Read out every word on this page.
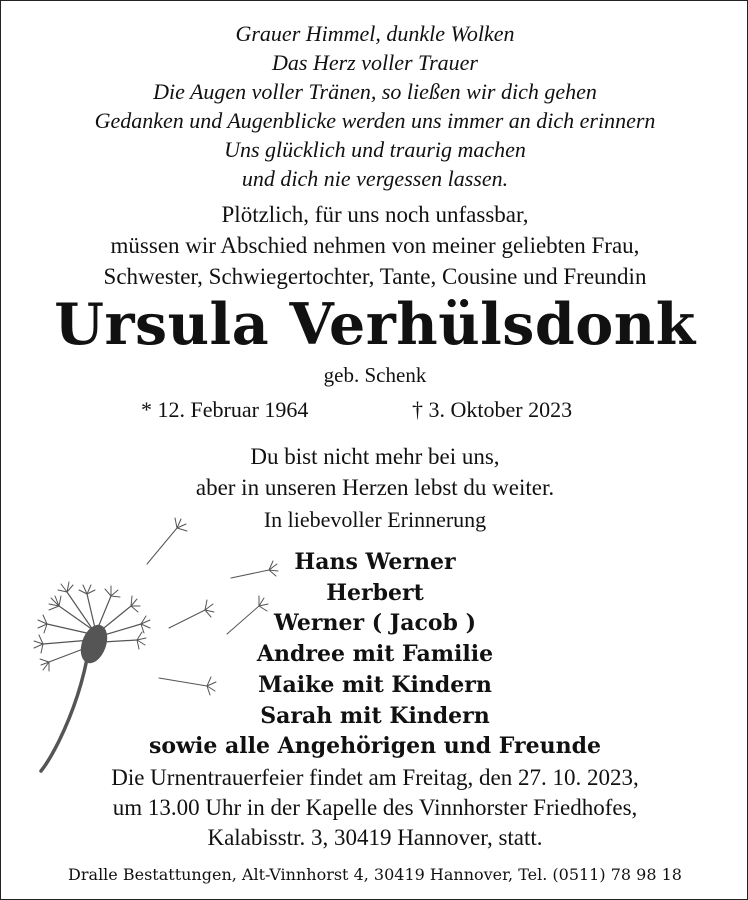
Grauer Himmel, dunkle Wolken
Das Herz voller Trauer
Die Augen voller Tränen, so ließen wir dich gehen
Gedanken und Augenblicke werden uns immer an dich erinnern
Uns glücklich und traurig machen
und dich nie vergessen lassen.
Plötzlich, für uns noch unfassbar,
müssen wir Abschied nehmen von meiner geliebten Frau,
Schwester, Schwiegertochter, Tante, Cousine und Freundin
Ursula Verhülsdonk
geb. Schenk
* 12. Februar 1964	† 3. Oktober 2023
Du bist nicht mehr bei uns,
aber in unseren Herzen lebst du weiter.
In liebevoller Erinnerung
Hans Werner
Herbert
Werner ( Jacob )
Andree mit Familie
Maike mit Kindern
Sarah mit Kindern
sowie alle Angehörigen und Freunde
Die Urnentrauerfeier findet am Freitag, den 27. 10. 2023,
um 13.00 Uhr in der Kapelle des Vinnhorster Friedhofes,
Kalabisstr. 3, 30419 Hannover, statt.
Dralle Bestattungen, Alt-Vinnhorst 4, 30419 Hannover, Tel. (0511) 78 98 18
